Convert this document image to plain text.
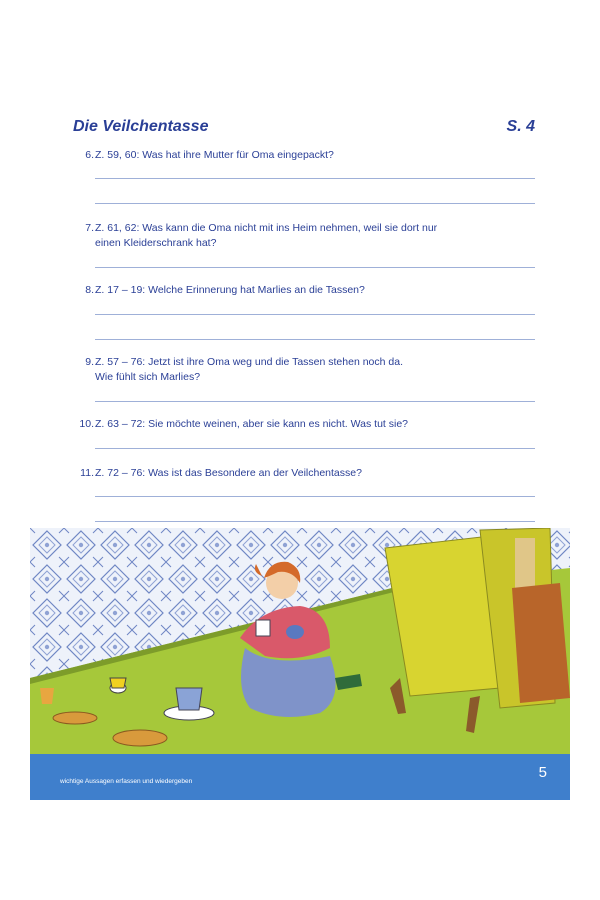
Die Veilchentasse	S. 4
6. Z. 59, 60: Was hat ihre Mutter für Oma eingepackt?
7. Z. 61, 62: Was kann die Oma nicht mit ins Heim nehmen, weil sie dort nur
einen Kleiderschrank hat?
8. Z. 17 – 19: Welche Erinnerung hat Marlies an die Tassen?
9. Z. 57 – 76: Jetzt ist ihre Oma weg und die Tassen stehen noch da.
Wie fühlt sich Marlies?
10. Z. 63 – 72: Sie möchte weinen, aber sie kann es nicht. Was tut sie?
11. Z. 72 – 76: Was ist das Besondere an der Veilchentasse?
wichtige Aussagen erfassen und wiedergeben
5
